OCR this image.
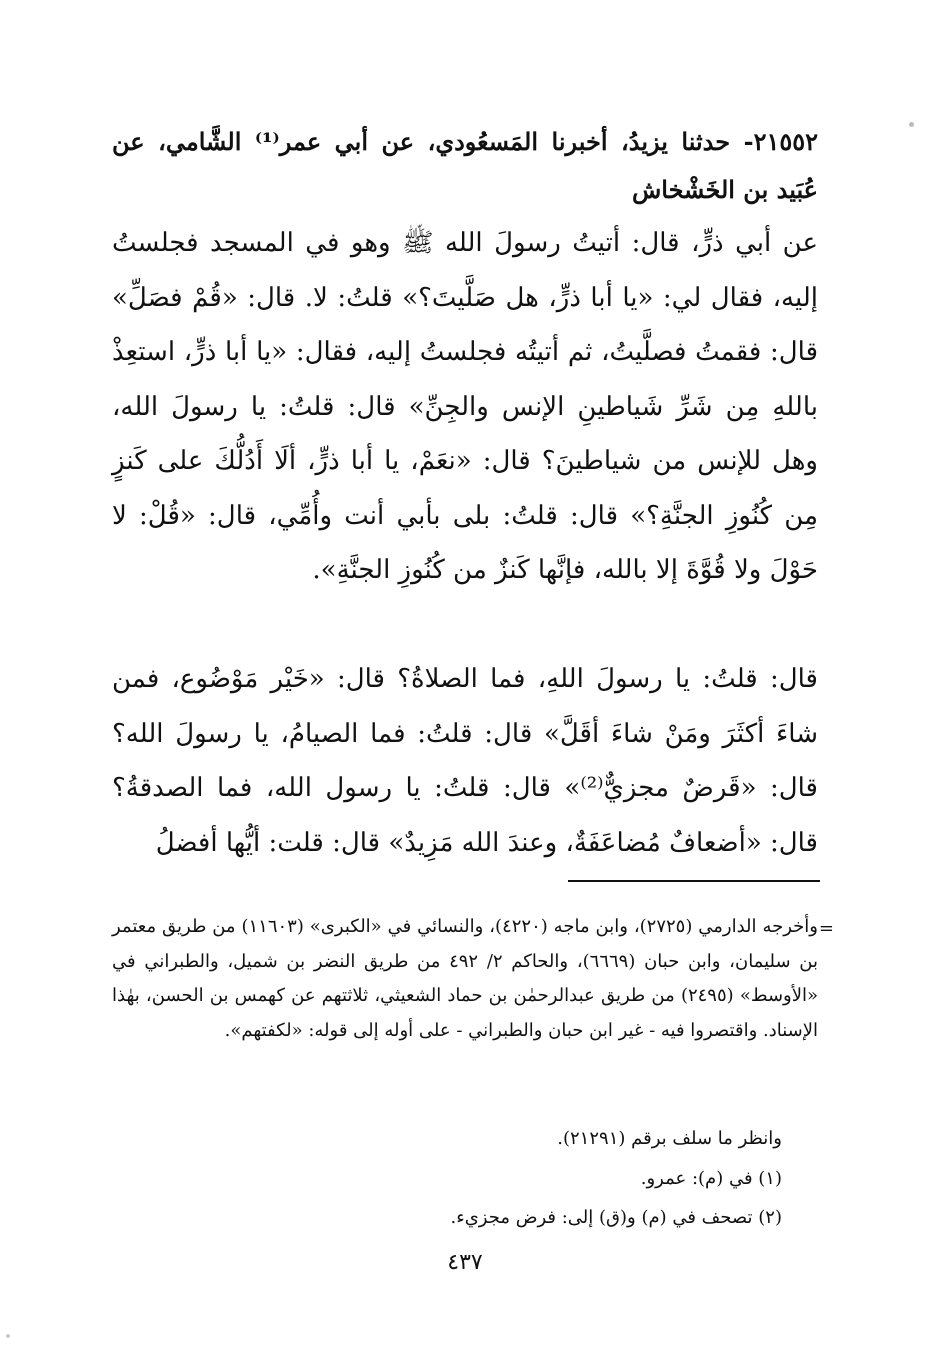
٢١٥٥٢- حدثنا يزيدُ، أخبرنا المَسعُودي، عن أبي عمر⁽¹⁾ الشَّامي، عن عُبَيد بن الخَشْخاش
عن أبي ذرٍّ، قال: أتيتُ رسولَ الله ﷺ وهو في المسجد فجلستُ إليه، فقال لي: «يا أبا ذرٍّ، هل صَلَّيتَ؟» قلتُ: لا. قال: «قُمْ فصَلِّ» قال: فقمتُ فصلَّيتُ، ثم أتيتُه فجلستُ إليه، فقال: «يا أبا ذرٍّ، استعِذْ باللهِ مِن شَرِّ شَياطينِ الإنس والجِنِّ» قال: قلتُ: يا رسولَ الله، وهل للإنس من شياطينَ؟ قال: «نعَمْ، يا أبا ذرٍّ، ألَا أَدُلُّكَ على كَنزٍ مِن كُنُوزِ الجنَّةِ؟» قال: قلتُ: بلى بأبي أنت وأُمِّي، قال: «قُلْ: لا حَوْلَ ولا قُوَّةَ إلا بالله، فإنَّها كَنزٌ من كُنُوزِ الجنَّةِ».
قال: قلتُ: يا رسولَ اللهِ، فما الصلاةُ؟ قال: «خَيْر مَوْضُوع، فمن شاءَ أكثَرَ ومَنْ شاءَ أقَلَّ» قال: قلتُ: فما الصيامُ، يا رسولَ الله؟ قال: «قَرضٌ مجزيٌّ⁽²⁾» قال: قلتُ: يا رسول الله، فما الصدقةُ؟ قال: «أضعافٌ مُضاعَفَةٌ، وعندَ الله مَزِيدٌ» قال: قلت: أيُّها أفضلُ
=
وأخرجه الدارمي (٢٧٢٥)، وابن ماجه (٤٢٢٠)، والنسائي في «الكبرى» (١١٦٠٣) من طريق معتمر بن سليمان، وابن حبان (٦٦٦٩)، والحاكم ٢/ ٤٩٢ من طريق النضر بن شميل، والطبراني في «الأوسط» (٢٤٩٥) من طريق عبدالرحمٰن بن حماد الشعيثي، ثلاثتهم عن كهمس بن الحسن، بهٰذا الإسناد. واقتصروا فيه - غير ابن حبان والطبراني - على أوله إلى قوله: «لكفتهم».
وانظر ما سلف برقم (٢١٢٩١).
(١) في (م): عمرو.
(٢) تصحف في (م) و(ق) إلى: فرض مجزيء.
٤٣٧
